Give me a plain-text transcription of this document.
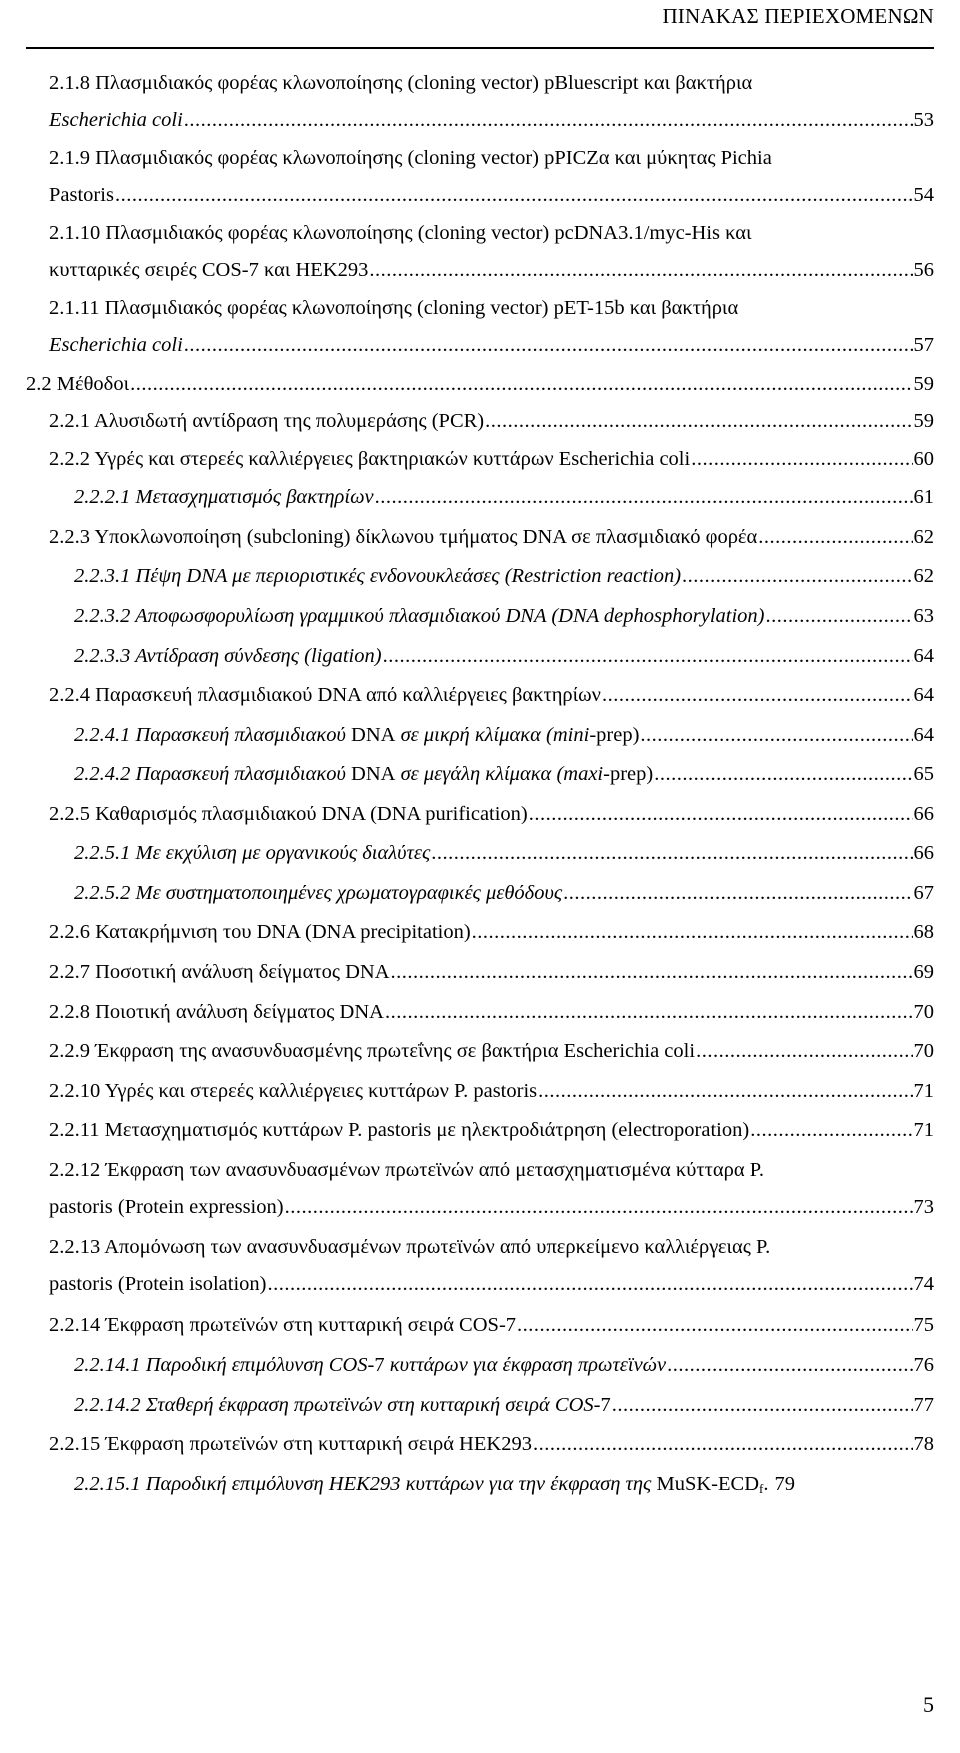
ΠΙΝΑΚΑΣ ΠΕΡΙΕΧΟΜΕΝΩΝ
2.1.8 Πλασμιδιακός φορέας κλωνοποίησης (cloning vector) pBluescript και βακτήρια
Escherichia coli .....	53
2.1.9 Πλασμιδιακός φορέας κλωνοποίησης (cloning vector) pPICZα και μύκητας Pichia
Pastoris .....	54
2.1.10 Πλασμιδιακός φορέας κλωνοποίησης (cloning vector) pcDNA3.1/myc-His και
κυτταρικές σειρές COS-7 και HEK293 .....	56
2.1.11 Πλασμιδιακός φορέας κλωνοποίησης (cloning vector) pET-15b και βακτήρια
Escherichia coli .....	57
2.2 Μέθοδοι .....	59
2.2.1 Αλυσιδωτή αντίδραση της πολυμεράσης (PCR) .....	59
2.2.2 Υγρές και στερεές καλλιέργειες βακτηριακών κυττάρων Escherichia coli .....	60
2.2.2.1 Μετασχηματισμός βακτηρίων .....	61
2.2.3 Υποκλωνοποίηση (subcloning) δίκλωνου τμήματος DNA σε πλασμιδιακό φορέα .....	62
2.2.3.1 Πέψη DNA με περιοριστικές ενδονουκλεάσες (Restriction reaction) .....	62
2.2.3.2 Αποφωσφορυλίωση γραμμικού πλασμιδιακού DNA (DNA dephosphorylation) .....	63
2.2.3.3 Αντίδραση σύνδεσης (ligation) .....	64
2.2.4 Παρασκευή πλασμιδιακού DNA από καλλιέργειες βακτηρίων .....	64
2.2.4.1 Παρασκευή πλασμιδιακού DNA σε μικρή κλίμακα (mini-prep) .....	64
2.2.4.2 Παρασκευή πλασμιδιακού DNA σε μεγάλη κλίμακα (maxi-prep) .....	65
2.2.5 Καθαρισμός πλασμιδιακού DNA (DNA purification) .....	66
2.2.5.1 Με εκχύλιση με οργανικούς διαλύτες .....	66
2.2.5.2 Με συστηματοποιημένες χρωματογραφικές μεθόδους .....	67
2.2.6 Κατακρήμνιση του DNA (DNA precipitation) .....	68
2.2.7 Ποσοτική ανάλυση δείγματος DNA .....	69
2.2.8 Ποιοτική ανάλυση δείγματος DNA .....	70
2.2.9 Έκφραση της ανασυνδυασμένης πρωτεΐνης σε βακτήρια Escherichia coli .....	70
2.2.10 Υγρές και στερεές καλλιέργειες κυττάρων P. pastoris .....	71
2.2.11 Μετασχηματισμός κυττάρων P. pastoris με ηλεκτροδιάτρηση (electroporation) .....	71
2.2.12 Έκφραση των ανασυνδυασμένων πρωτεϊνών από μετασχηματισμένα κύτταρα P.
pastoris (Protein expression) .....	73
2.2.13 Απομόνωση των ανασυνδυασμένων πρωτεϊνών από υπερκείμενο καλλιέργειας P.
pastoris (Protein isolation) .....	74
2.2.14 Έκφραση πρωτεϊνών στη κυτταρική σειρά COS-7 .....	75
2.2.14.1 Παροδική επιμόλυνση COS-7 κυττάρων για έκφραση πρωτεϊνών .....	76
2.2.14.2 Σταθερή έκφραση πρωτεϊνών στη κυτταρική σειρά COS-7 .....	77
2.2.15 Έκφραση πρωτεϊνών στη κυτταρική σειρά HEK293 .....	78
2.2.15.1 Παροδική επιμόλυνση HEK293 κυττάρων για την έκφραση της MuSK-$ECD_f$. 79
5
